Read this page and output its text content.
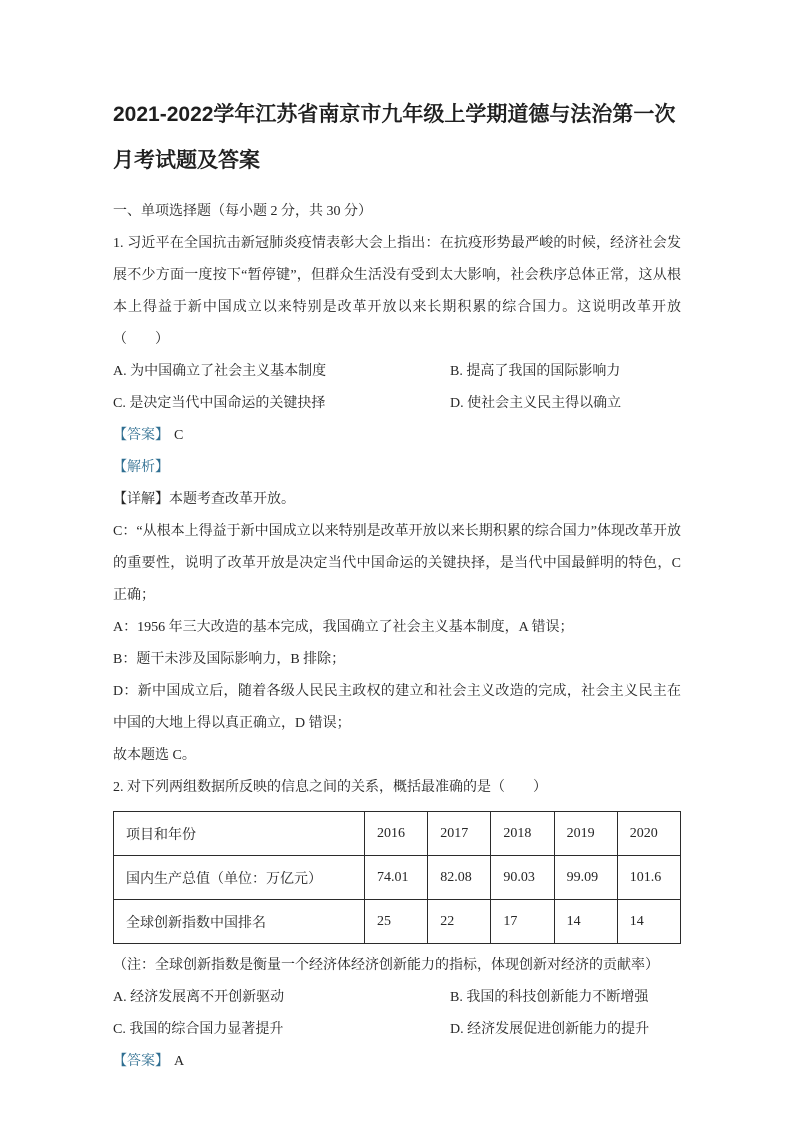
2021-2022学年江苏省南京市九年级上学期道德与法治第一次月考试题及答案

一、单项选择题（每小题 2 分，共 30 分）

1. 习近平在全国抗击新冠肺炎疫情表彰大会上指出：在抗疫形势最严峻的时候，经济社会发展不少方面一度按下“暂停键”，但群众生活没有受到太大影响，社会秩序总体正常，这从根本上得益于新中国成立以来特别是改革开放以来长期积累的综合国力。这说明改革开放（　　）

A. 为中国确立了社会主义基本制度	B. 提高了我国的国际影响力
C. 是决定当代中国命运的关键抉择	D. 使社会主义民主得以确立

【答案】 C

【解析】

【详解】本题考查改革开放。

C：“从根本上得益于新中国成立以来特别是改革开放以来长期积累的综合国力”体现改革开放的重要性，说明了改革开放是决定当代中国命运的关键抉择，是当代中国最鲜明的特色，C 正确；

A：1956 年三大改造的基本完成，我国确立了社会主义基本制度，A 错误；

B：题干未涉及国际影响力，B 排除；

D：新中国成立后，随着各级人民民主政权的建立和社会主义改造的完成，社会主义民主在中国的大地上得以真正确立，D 错误；

故本题选 C。

2. 对下列两组数据所反映的信息之间的关系，概括最准确的是（　　）

项目和年份	2016	2017	2018	2019	2020
国内生产总值（单位：万亿元）	74.01	82.08	90.03	99.09	101.6
全球创新指数中国排名	25	22	17	14	14

（注：全球创新指数是衡量一个经济体经济创新能力的指标，体现创新对经济的贡献率）

A. 经济发展离不开创新驱动	B. 我国的科技创新能力不断增强
C. 我国的综合国力显著提升	D. 经济发展促进创新能力的提升

【答案】 A
